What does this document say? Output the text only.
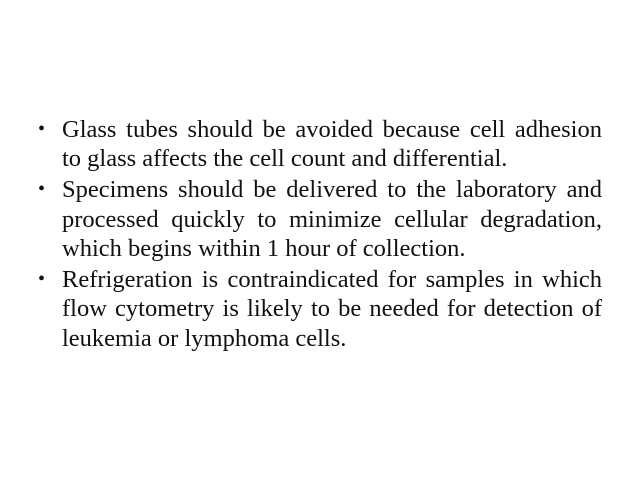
• Glass tubes should be avoided because cell adhesion to glass affects the cell count and differential.
• Specimens should be delivered to the laboratory and processed quickly to minimize cellular degradation, which begins within 1 hour of collection.
• Refrigeration is contraindicated for samples in which flow cytometry is likely to be needed for detection of leukemia or lymphoma cells.
